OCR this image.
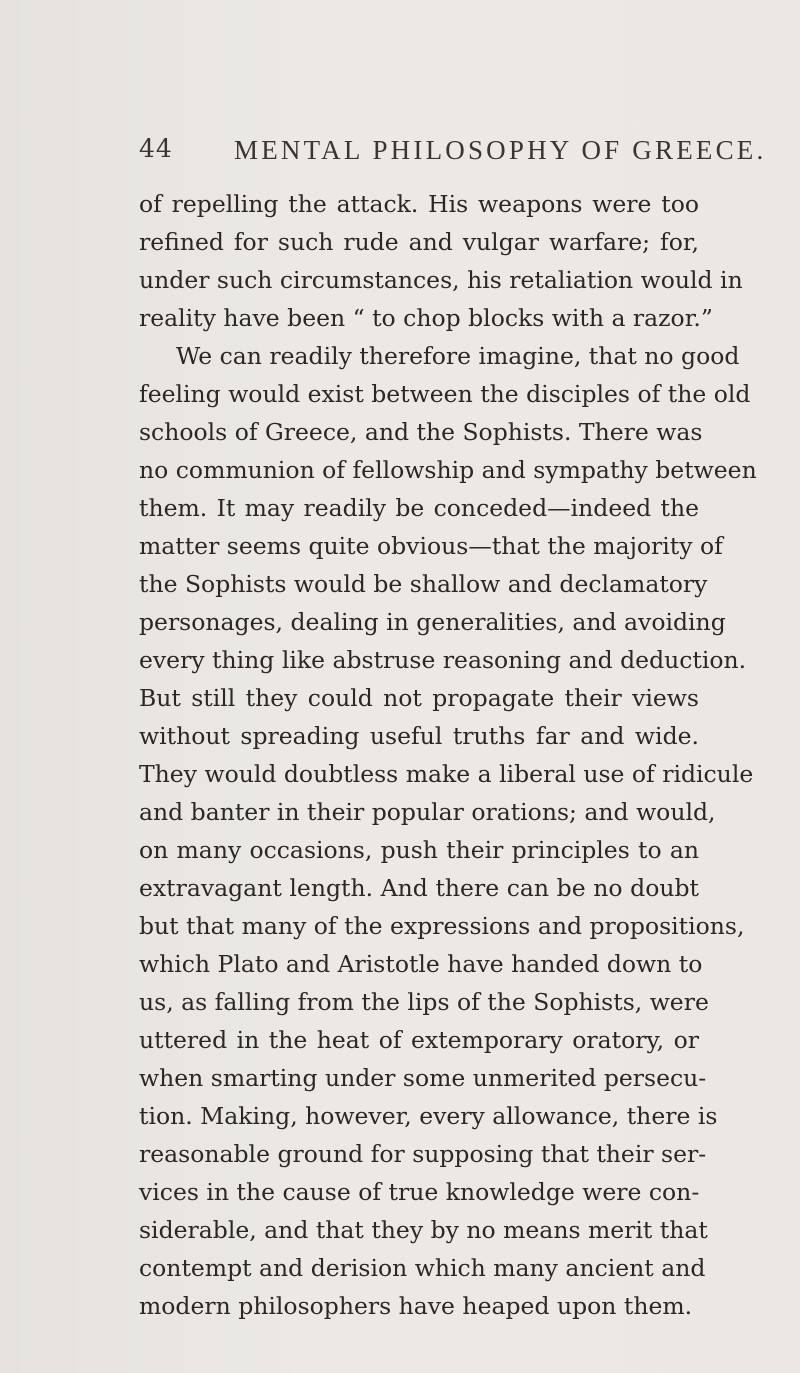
44 MENTAL PHILOSOPHY OF GREECE.
of repelling the attack. His weapons were too
refined for such rude and vulgar warfare; for,
under such circumstances, his retaliation would in
reality have been “ to chop blocks with a razor.”
We can readily therefore imagine, that no good
feeling would exist between the disciples of the old
schools of Greece, and the Sophists. There was
no communion of fellowship and sympathy between
them. It may readily be conceded—indeed the
matter seems quite obvious—that the majority of
the Sophists would be shallow and declamatory
personages, dealing in generalities, and avoiding
every thing like abstruse reasoning and deduction.
But still they could not propagate their views
without spreading useful truths far and wide.
They would doubtless make a liberal use of ridicule
and banter in their popular orations; and would,
on many occasions, push their principles to an
extravagant length. And there can be no doubt
but that many of the expressions and propositions,
which Plato and Aristotle have handed down to
us, as falling from the lips of the Sophists, were
uttered in the heat of extemporary oratory, or
when smarting under some unmerited persecu-
tion. Making, however, every allowance, there is
reasonable ground for supposing that their ser-
vices in the cause of true knowledge were con-
siderable, and that they by no means merit that
contempt and derision which many ancient and
modern philosophers have heaped upon them.
